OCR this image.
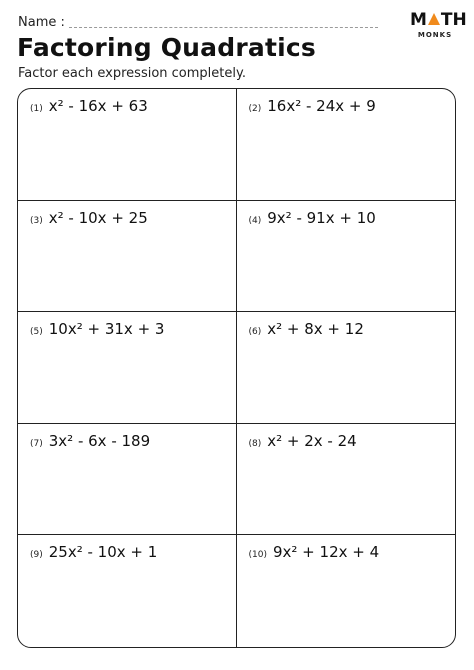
Name :	M TH
MONKS
Factoring Quadratics
Factor each expression completely.
(1) x² - 16x + 63	(2) 16x² - 24x + 9
(3) x² - 10x + 25	(4) 9x² - 91x + 10
(5) 10x² + 31x + 3	(6) x² + 8x + 12
(7) 3x² - 6x - 189	(8) x² + 2x - 24
(9) 25x² - 10x + 1	(10) 9x² + 12x + 4
